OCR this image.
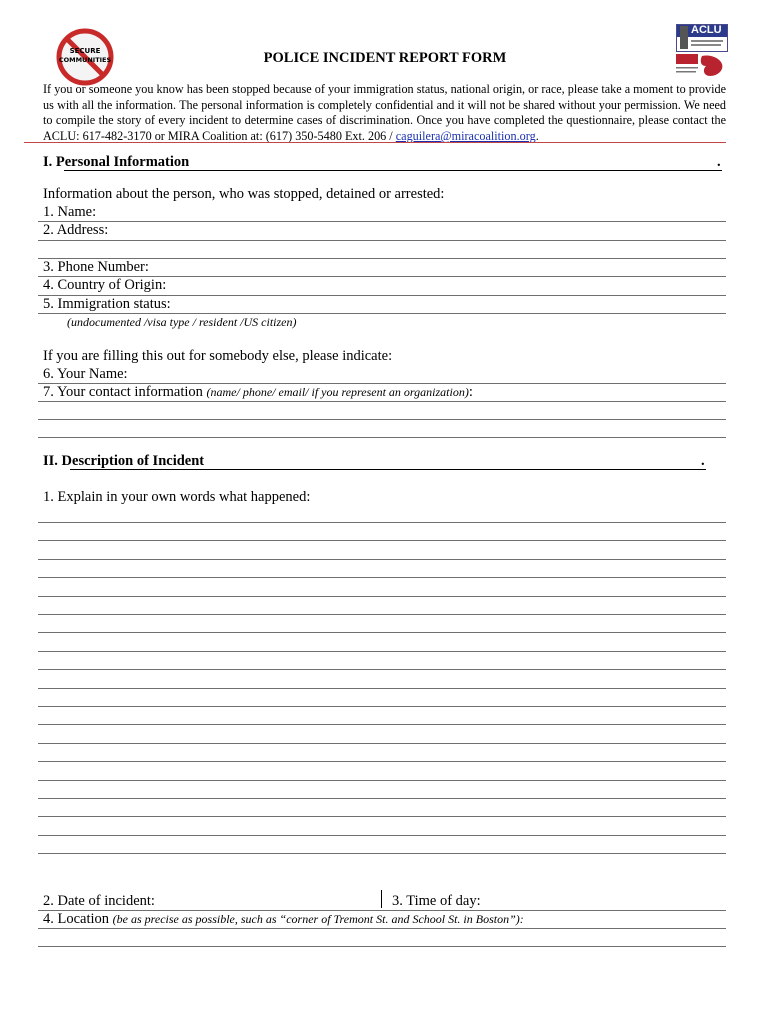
SECURE
COMMUNITIES
ACLU
POLICE INCIDENT REPORT FORM
If you or someone you know has been stopped because of your immigration status, national origin, or race, please take a moment to provide us with all the information. The personal information is completely confidential and it will not be shared without your permission. We need to compile the story of every incident to determine cases of discrimination. Once you have completed the questionnaire, please contact the ACLU: 617-482-3170 or MIRA Coalition at: (617) 350-5480 Ext. 206 / caguilera@miracoalition.org.
I. Personal Information	.
Information about the person, who was stopped, detained or arrested:
1. Name:
2. Address:
3. Phone Number:
4. Country of Origin:
5. Immigration status:
(undocumented /visa type / resident /US citizen)
If you are filling this out for somebody else, please indicate:
6. Your Name:
7. Your contact information (name/ phone/ email/ if you represent an organization):
II. Description of Incident	.
1. Explain in your own words what happened:
2. Date of incident:	3. Time of day:
4. Location (be as precise as possible, such as “corner of Tremont St. and School St. in Boston”):
